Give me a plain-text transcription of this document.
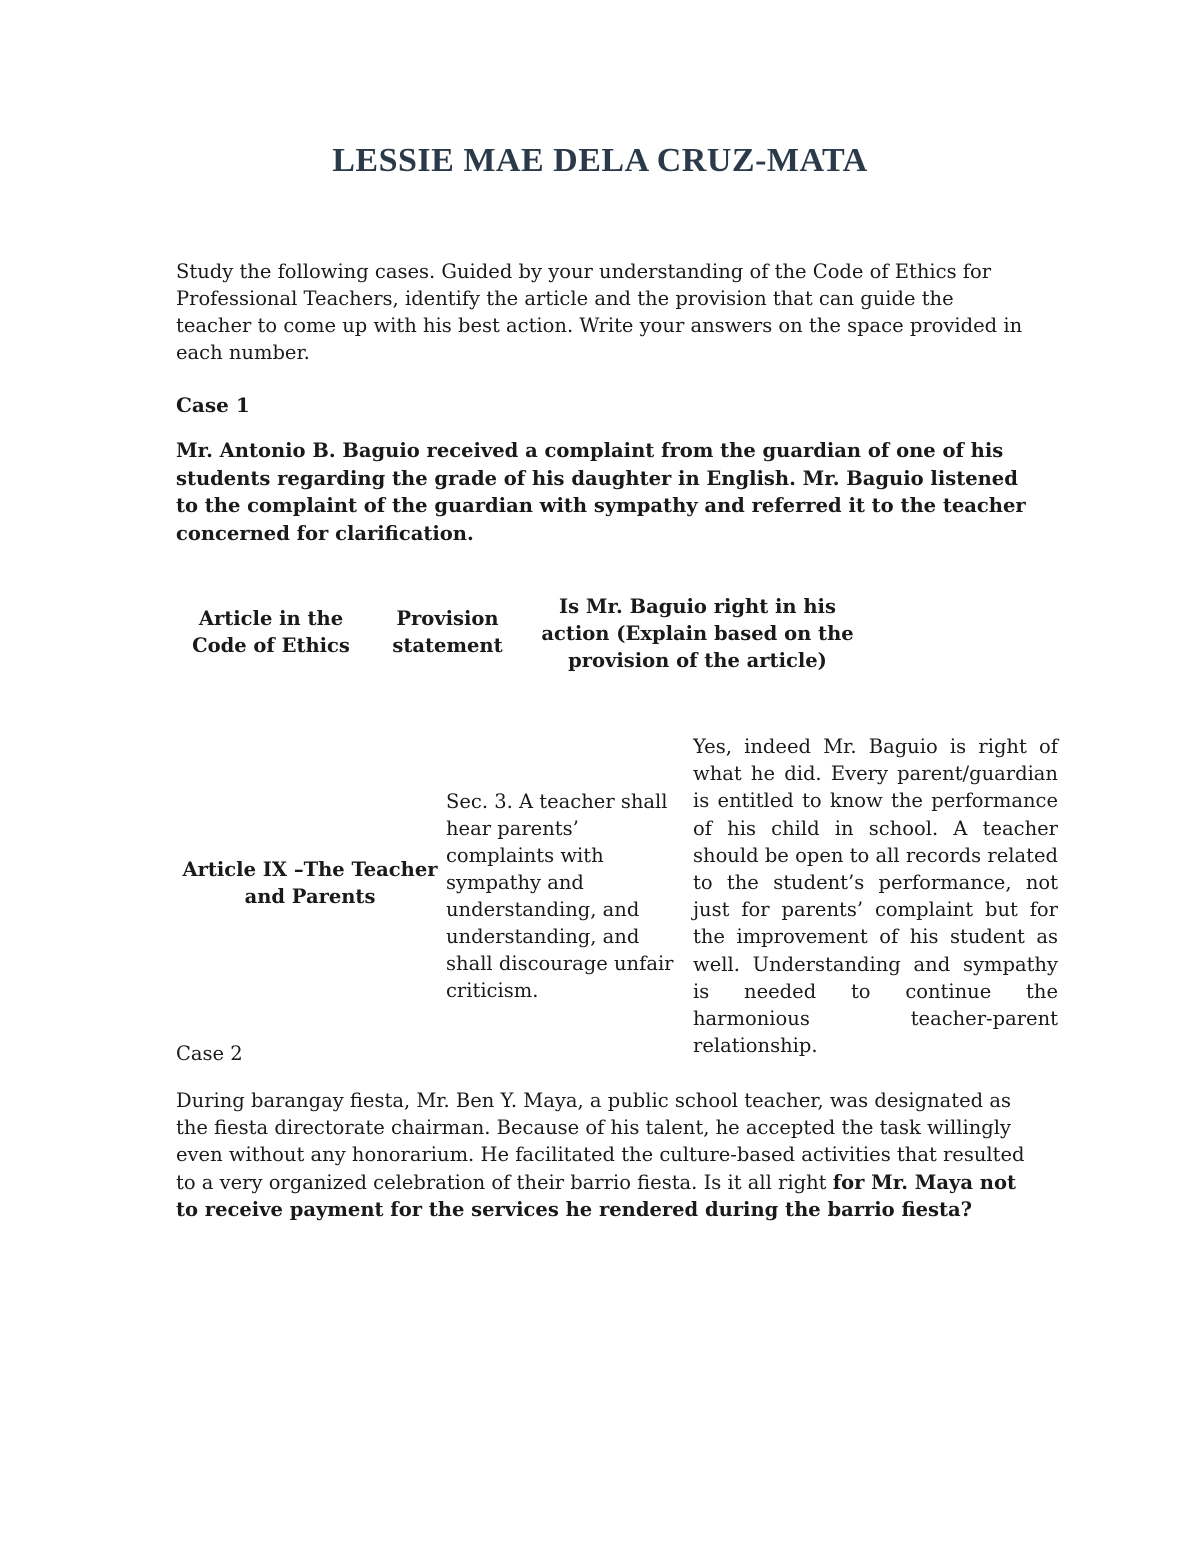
LESSIE MAE DELA CRUZ-MATA

Study the following cases. Guided by your understanding of the Code of Ethics for Professional Teachers, identify the article and the provision that can guide the teacher to come up with his best action. Write your answers on the space provided in each number.

Case 1

Mr. Antonio B. Baguio received a complaint from the guardian of one of his students regarding the grade of his daughter in English. Mr. Baguio listened to the complaint of the guardian with sympathy and referred it to the teacher concerned for clarification.

Article in the Code of Ethics

Provision statement

Is Mr. Baguio right in his action (Explain based on the provision of the article)

Article IX –The Teacher and Parents

Sec. 3. A teacher shall hear parents’ complaints with sympathy and understanding, and understanding, and shall discourage unfair criticism.

Yes, indeed Mr. Baguio is right of what he did. Every parent/guardian is entitled to know the performance of his child in school. A teacher should be open to all records related to the student’s performance, not just for parents’ complaint but for the improvement of his student as well. Understanding and sympathy is needed to continue the harmonious teacher-parent relationship.

Case 2

During barangay fiesta, Mr. Ben Y. Maya, a public school teacher, was designated as the fiesta directorate chairman. Because of his talent, he accepted the task willingly even without any honorarium. He facilitated the culture-based activities that resulted to a very organized celebration of their barrio fiesta. Is it all right for Mr. Maya not to receive payment for the services he rendered during the barrio fiesta?
